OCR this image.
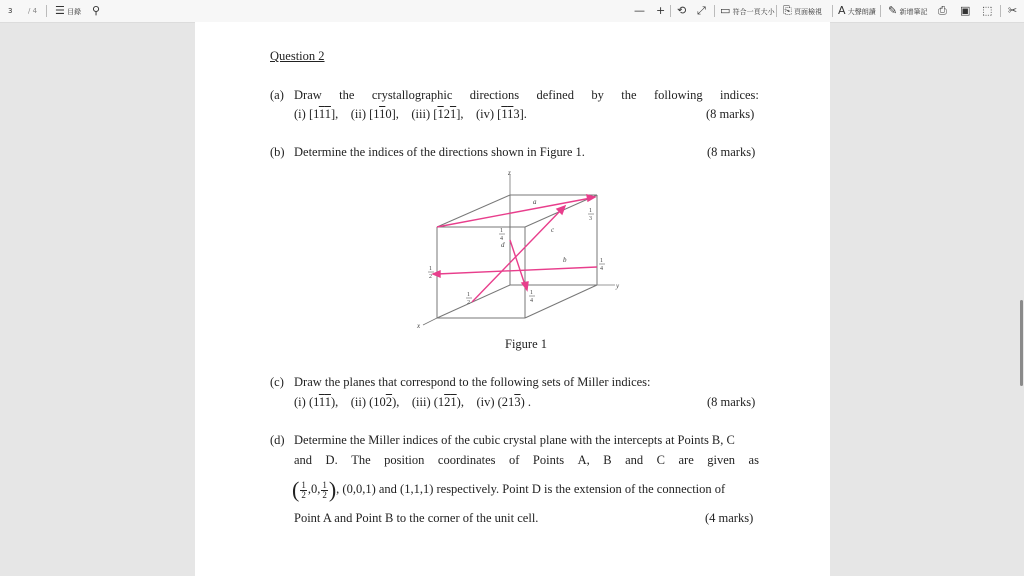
3 / 4 ☰ 目錄 ⚲	— + ⟲ ⤢ ▭ 符合一頁大小 ⎘ 頁面檢視 A 大聲朗讀 ✎ 新增筆記 ⎙ ▣ ⬚ ✂
Question 2
(a) Draw the crystallographic directions defined by the following indices:
(i) [111],    (ii) [110],    (iii) [121],    (iv) [113].	(8 marks)
(b) Determine the indices of the directions shown in Figure 1.	(8 marks)
z
y
x
a
b
c
d
1
3
1
4
1
4
1
2
1
2
1
4
Figure 1
(c) Draw the planes that correspond to the following sets of Miller indices:
(i) (111),    (ii) (102),    (iii) (121),    (iv) (213) .	(8 marks)
(d) Determine the Miller indices of the cubic crystal plane with the intercepts at Points B, C
and D. The position coordinates of Points A, B and C are given as
( $\frac{1}{2} ,0$, $\frac{1}{2}$ ), (0,0,1) and (1,1,1) respectively. Point D is the extension of the connection of
Point A and Point B to the corner of the unit cell.	(4 marks)
